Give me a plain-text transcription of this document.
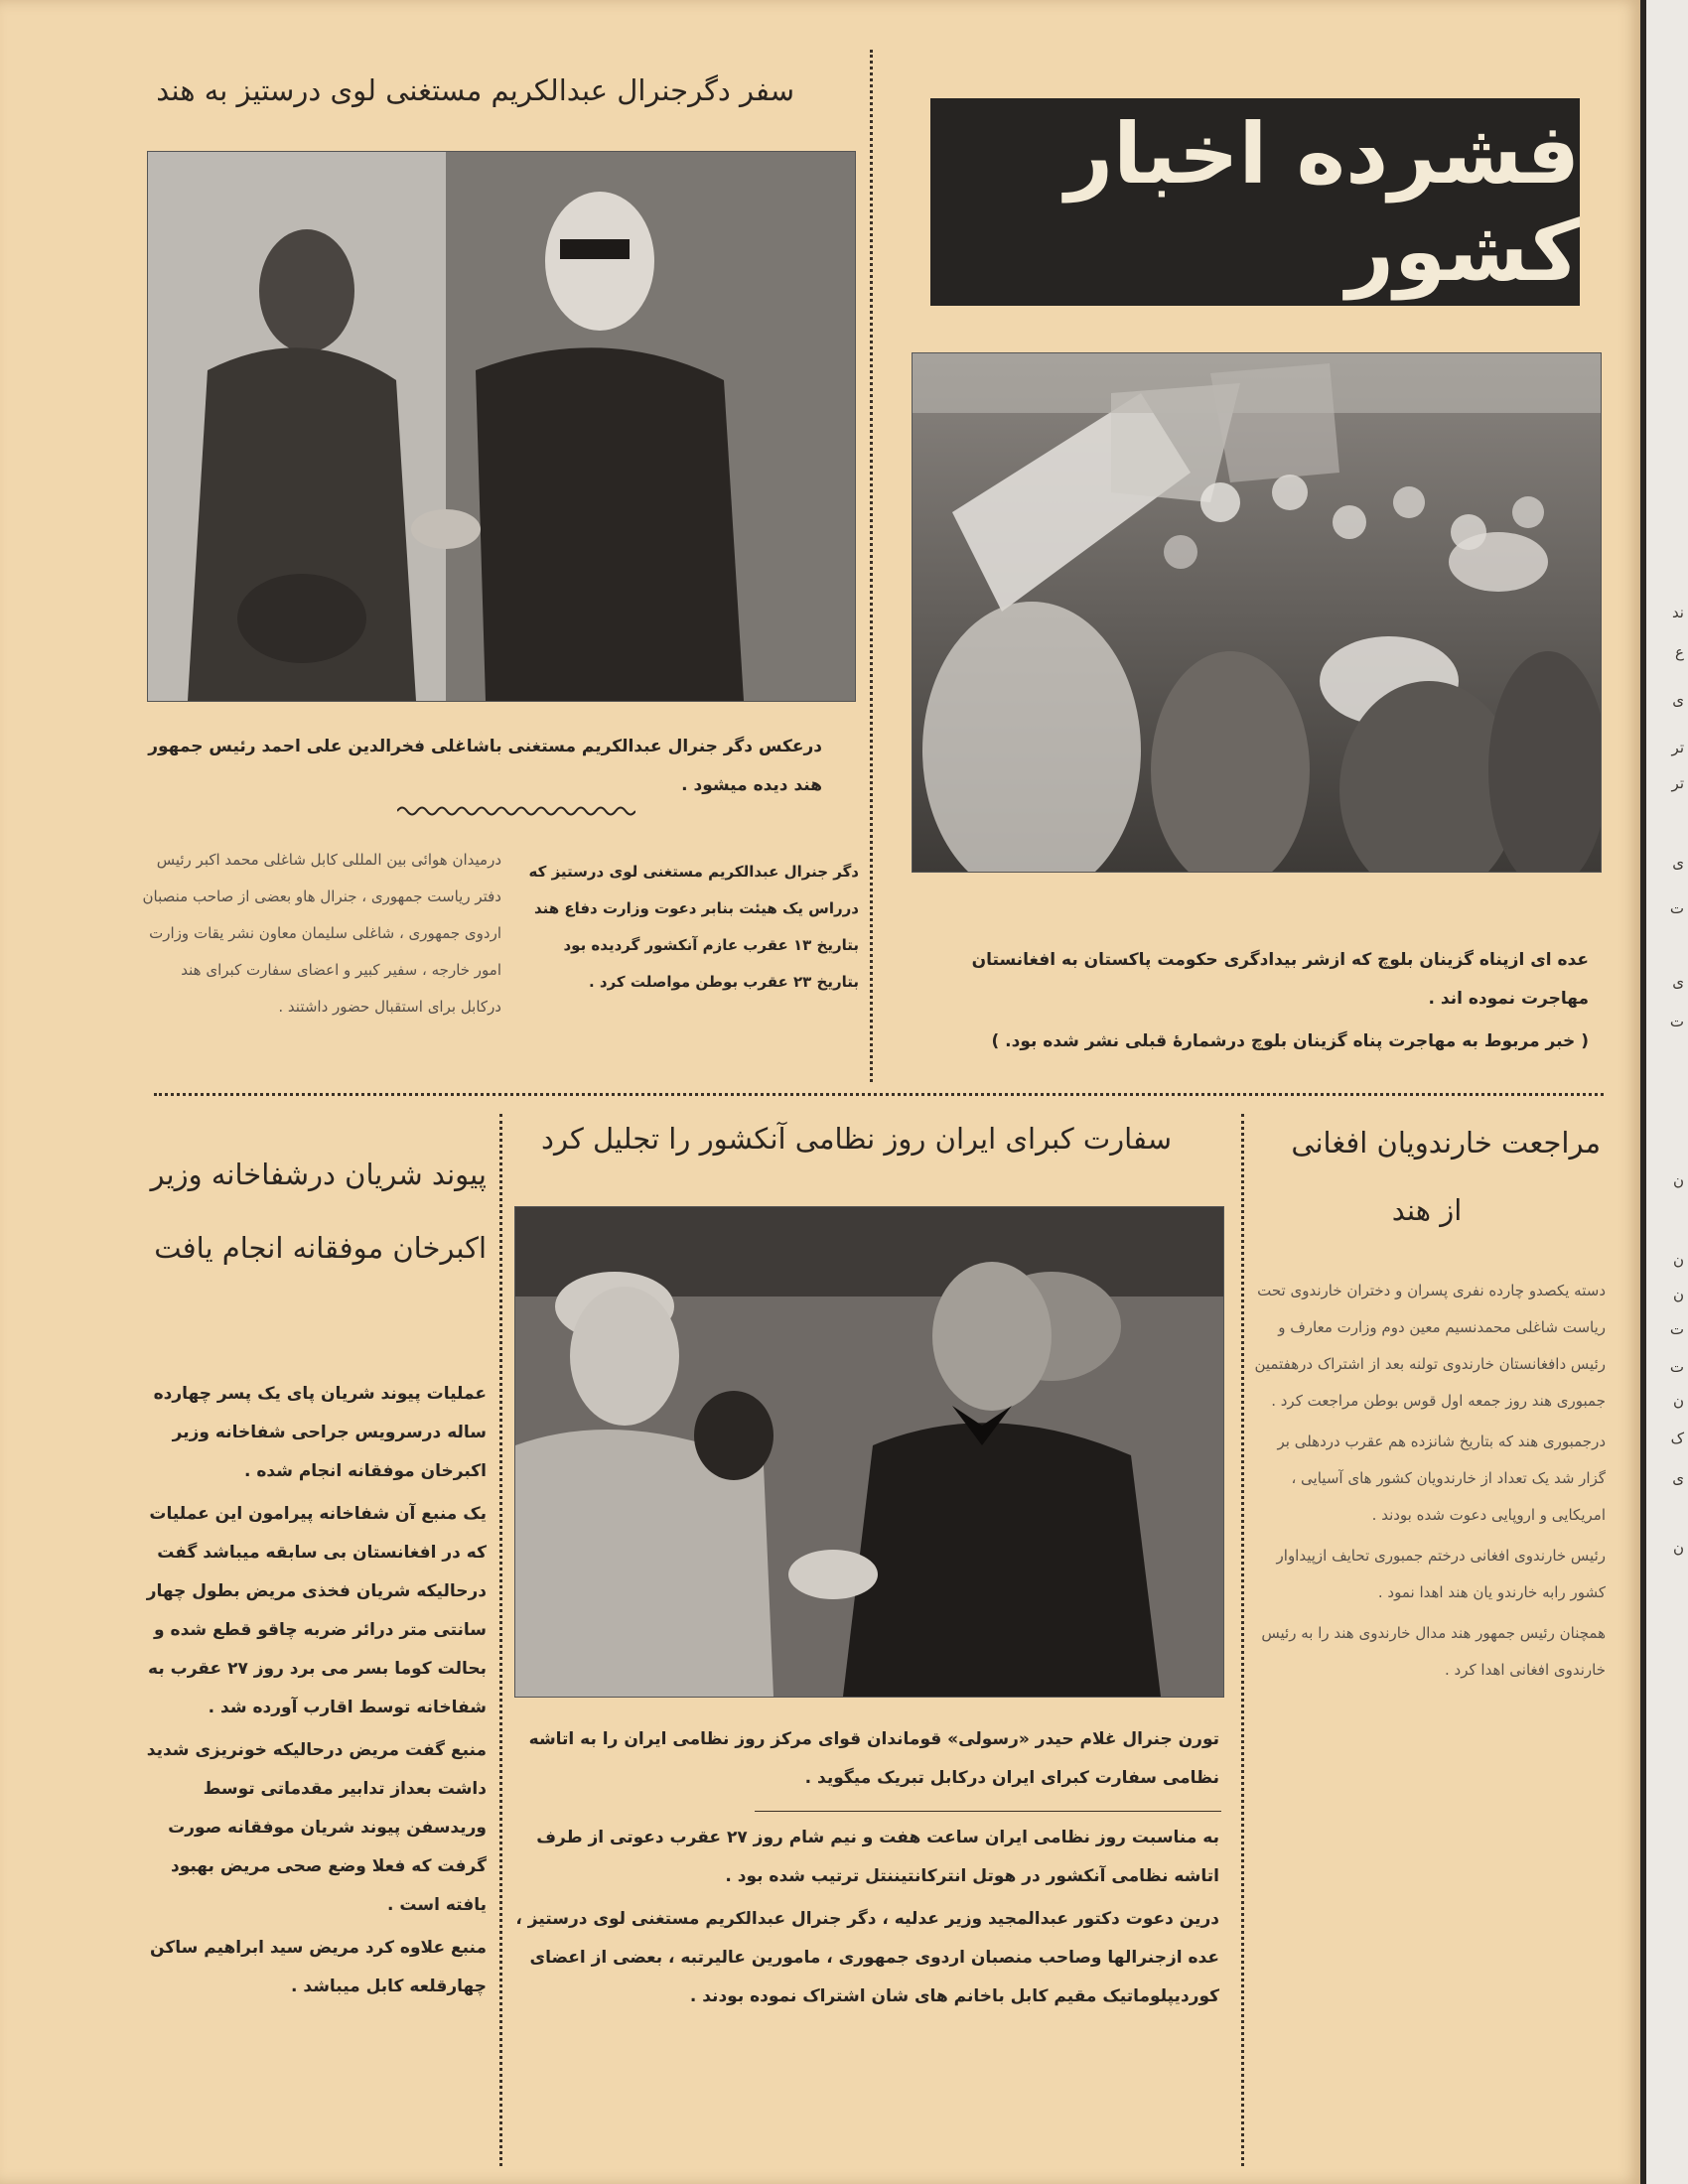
فشرده اخبار کشور

عده ای ازپناه گزینان بلوچ که ازشر بیدادگری حکومت پاکستان به افغانستان مهاجرت نموده اند .

( خبر مربوط به مهاجرت پناه گزینان بلوچ درشمارهٔ قبلی نشر شده بود. )

سفر دگرجنرال عبدالکریم مستغنی لوی درستیز به هند
درعکس دگر جنرال عبدالکریم مستغنی باشاغلی فخرالدین علی احمد رئیس جمهور هند دیده میشود .
دگر جنرال عبدالکریم مستغنی لوی درستیز که درراس یک هیئت بنابر دعوت وزارت دفاع هند بتاریخ ۱۳ عقرب عازم آنکشور گردیده بود بتاریخ ۲۳ عقرب بوطن مواصلت کرد .
درمیدان هوائی بین المللی کابل شاغلی محمد اکبر رئیس دفتر ریاست جمهوری ، جنرال هاو بعضی از صاحب منصبان اردوی جمهوری ، شاغلی سلیمان معاون نشر یقات وزارت امور خارجه ، سفیر کبیر و اعضای سفارت کبرای هند درکابل برای استقبال حضور داشتند .
پیوند شریان درشفاخانه وزیر
اکبرخان موفقانه انجام یافت

عملیات پیوند شریان پای یک پسر چهارده ساله درسرویس جراحی شفاخانه وزیر اکبرخان موفقانه انجام شده .

یک منبع آن شفاخانه پیرامون این عملیات که در افغانستان بی سابقه میباشد گفت درحالیکه شریان فخذی مریض بطول چهار سانتی متر درائر ضربه چاقو قطع شده و بحالت کوما بسر می برد روز ۲۷ عقرب به شفاخانه توسط اقارب آورده شد .

منبع گفت مریض درحالیکه خونریزی شدید داشت بعداز تدابیر مقدماتی توسط وریدسفن پیوند شریان موفقانه صورت گرفت که فعلا وضع صحی مریض بهبود یافته است .

منبع علاوه کرد مریض سید ابراهیم ساکن چهارقلعه کابل میباشد .

سفارت کبرای ایران روز نظامی آنکشور را تجلیل کرد
تورن جنرال غلام حیدر «رسولی» قوماندان قوای مرکز روز نظامی ایران را به اتاشه نظامی سفارت کبرای ایران درکابل تبریک میگوید .

به مناسبت روز نظامی ایران ساعت هفت و نیم شام روز ۲۷ عقرب دعوتی از طرف اتاشه نظامی آنکشور در هوتل انترکانتیننتل ترتیب شده بود .

درین دعوت دکتور عبدالمجید وزیر عدلیه ، دگر جنرال عبدالکریم مستغنی لوی درستیز ، عده ازجنرالها وصاحب منصبان اردوی جمهوری ، مامورین عالیرتبه ، بعضی از اعضای کوردیپلوماتیک مقیم کابل باخانم های شان اشتراک نموده بودند .

مراجعت خارندویان افغانی
از هند

دسته یکصدو چارده نفری پسران و دختران خارندوی تحت ریاست شاغلی محمدنسیم معین دوم وزارت معارف و رئیس دافغانستان خارندوی تولنه بعد از اشتراک درهفتمین جمبوری هند روز جمعه اول قوس بوطن مراجعت کرد .

درجمبوری هند که بتاریخ شانزده هم عقرب دردهلی بر گزار شد یک تعداد از خارندویان کشور های آسیایی ، امریکایی و اروپایی دعوت شده بودند .

رئیس خارندوی افغانی درختم جمبوری تحایف ازپیداوار کشور رابه خارندو یان هند اهدا نمود .

همچنان رئیس جمهور هند مدال خارندوی هند را به رئیس خارندوی افغانی اهدا کرد .

ند
ع
ی
تر
تر
ی
ت
ی
ت
ن
ن
ن
ت
ت
ن
ک
ی
ن
